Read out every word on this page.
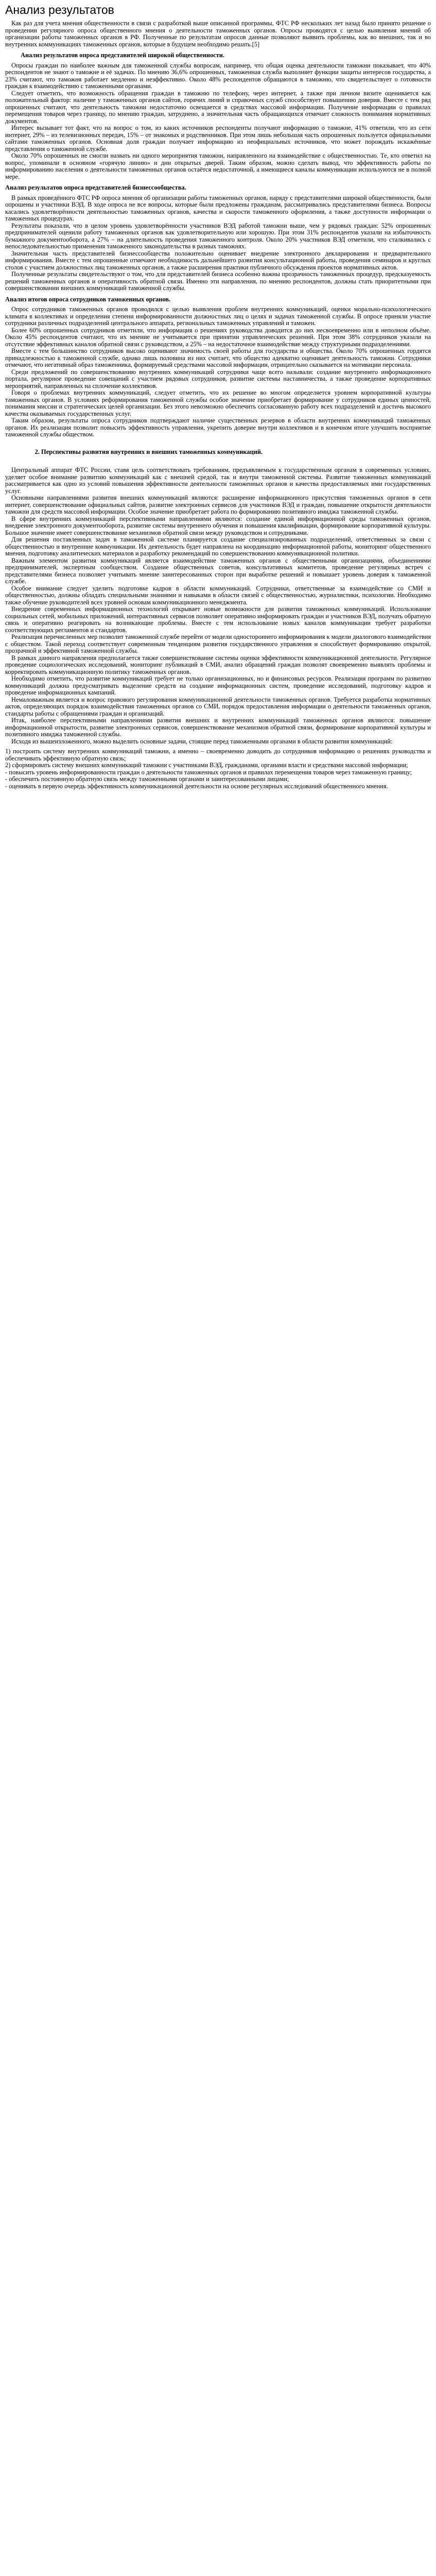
Анализ результатов

Как раз для учета мнения общественности в связи с разработкой выше описанной программы, ФТС РФ нескольких лет назад было принято решение о проведении регулярного опроса общественного мнения о деятельности таможенных органов. Опросы проводятся с целью выявления мнений об организации работы таможенных органов в РФ. Полученные по результатам опросов данные позволяют выявить проблемы, как во внешних, так и во внутренних коммуникациях таможенных органов, которые в будущем необходимо решать.[5]

Анализ результатов опроса представителей широкой общественности.

Опросы граждан по наиболее важным для таможенной службы вопросам, например, что общая оценка деятельности таможни показывает, что 40% респондентов не знают о таможне и её задачах. По мнению 36,6% опрошенных, таможенная служба выполняет функции защиты интересов государства, а 23% считают, что таможня работает медленно и неэффективно. Около 48% респондентов обращаются в таможню, что свидетельствует о готовности граждан к взаимодействию с таможенными органами.

Следует отметить, что возможность обращения граждан в таможню по телефону, через интернет, а также при личном визите оценивается как положительный фактор: наличие у таможенных органов сайтов, горячих линий и справочных служб способствует повышению доверия. Вместе с тем ряд опрошенных считают, что деятельность таможни недостаточно освещается в средствах массовой информации. Получение информации о правилах перемещения товаров через границу, по мнению граждан, затруднено, а значительная часть обращающихся отмечает сложность понимания нормативных документов.

Интерес вызывает тот факт, что на вопрос о том, из каких источников респонденты получают информацию о таможне, 41% ответили, что из сети интернет, 29% – из телевизионных передач, 15% – от знакомых и родственников. При этом лишь небольшая часть опрошенных пользуется официальными сайтами таможенных органов. Основная доля граждан получает информацию из неофициальных источников, что может порождать искажённые представления о таможенной службе.

Около 70% опрошенных не смогли назвать ни одного мероприятия таможни, направленного на взаимодействие с общественностью. Те, кто ответил на вопрос, упоминали в основном «горячую линию» и дни открытых дверей. Таким образом, можно сделать вывод, что эффективность работы по информированию населения о деятельности таможенных органов остаётся недостаточной, а имеющиеся каналы коммуникации используются не в полной мере.

Анализ результатов опроса представителей бизнессообщества.

В рамках проведённого ФТС РФ опроса мнения об организации работы таможенных органов, наряду с представителями широкой общественности, были опрошены и участники ВЭД. В ходе опроса не все вопросы, которые были предложены гражданам, рассматривались представителями бизнеса. Вопросы касались удовлетворённости деятельностью таможенных органов, качества и скорости таможенного оформления, а также доступности информации о таможенных процедурах.

Результаты показали, что в целом уровень удовлетворённости участников ВЭД работой таможни выше, чем у рядовых граждан: 52% опрошенных предпринимателей оценили работу таможенных органов как удовлетворительную или хорошую. При этом 31% респондентов указали на избыточность бумажного документооборота, а 27% – на длительность проведения таможенного контроля. Около 20% участников ВЭД отметили, что сталкивались с непоследовательностью применения таможенного законодательства в разных таможнях.

Значительная часть представителей бизнессообщества положительно оценивает внедрение электронного декларирования и предварительного информирования. Вместе с тем опрошенные отмечают необходимость дальнейшего развития консультационной работы, проведения семинаров и круглых столов с участием должностных лиц таможенных органов, а также расширения практики публичного обсуждения проектов нормативных актов.

Полученные результаты свидетельствуют о том, что для представителей бизнеса особенно важны прозрачность таможенных процедур, предсказуемость решений таможенных органов и оперативность обратной связи. Именно эти направления, по мнению респондентов, должны стать приоритетными при совершенствовании внешних коммуникаций таможенной службы.

Анализ итогов опроса сотрудников таможенных органов.

Опрос сотрудников таможенных органов проводился с целью выявления проблем внутренних коммуникаций, оценки морально-психологического климата в коллективах и определения степени информированности должностных лиц о целях и задачах таможенной службы. В опросе приняли участие сотрудники различных подразделений центрального аппарата, региональных таможенных управлений и таможен.

Более 60% опрошенных сотрудников отметили, что информация о решениях руководства доводится до них несвоевременно или в неполном объёме. Около 45% респондентов считают, что их мнение не учитывается при принятии управленческих решений. При этом 38% сотрудников указали на отсутствие эффективных каналов обратной связи с руководством, а 25% – на недостаточное взаимодействие между структурными подразделениями.

Вместе с тем большинство сотрудников высоко оценивают значимость своей работы для государства и общества. Около 70% опрошенных гордятся принадлежностью к таможенной службе, однако лишь половина из них считает, что общество адекватно оценивает деятельность таможни. Сотрудники отмечают, что негативный образ таможенника, формируемый средствами массовой информации, отрицательно сказывается на мотивации персонала.

Среди предложений по совершенствованию внутренних коммуникаций сотрудники чаще всего называли: создание внутреннего информационного портала, регулярное проведение совещаний с участием рядовых сотрудников, развитие системы наставничества, а также проведение корпоративных мероприятий, направленных на сплочение коллективов.

Говоря о проблемах внутренних коммуникаций, следует отметить, что их решение во многом определяется уровнем корпоративной культуры таможенных органов. В условиях реформирования таможенной службы особое значение приобретает формирование у сотрудников единых ценностей, понимания миссии и стратегических целей организации. Без этого невозможно обеспечить согласованную работу всех подразделений и достичь высокого качества оказываемых государственных услуг.

Таким образом, результаты опроса сотрудников подтверждают наличие существенных резервов в области внутренних коммуникаций таможенных органов. Их реализация позволит повысить эффективность управления, укрепить доверие внутри коллективов и в конечном итоге улучшить восприятие таможенной службы обществом.

2. Перспективы развития внутренних и внешних таможенных коммуникаций.

Центральный аппарат ФТС России, ставя цель соответствовать требованиям, предъявляемым к государственным органам в современных условиях, уделяет особое внимание развитию коммуникаций как с внешней средой, так и внутри таможенной системы. Развитие таможенных коммуникаций рассматривается как одно из условий повышения эффективности деятельности таможенных органов и качества предоставляемых ими государственных услуг.

Основными направлениями развития внешних коммуникаций являются: расширение информационного присутствия таможенных органов в сети интернет, совершенствование официальных сайтов, развитие электронных сервисов для участников ВЭД и граждан, повышение открытости деятельности таможни для средств массовой информации. Особое значение приобретает работа по формированию позитивного имиджа таможенной службы.

В сфере внутренних коммуникаций перспективными направлениями являются: создание единой информационной среды таможенных органов, внедрение электронного документооборота, развитие системы внутреннего обучения и повышения квалификации, формирование корпоративной культуры. Большое значение имеет совершенствование механизмов обратной связи между руководством и сотрудниками.

Для решения поставленных задач в таможенной системе планируется создание специализированных подразделений, ответственных за связи с общественностью и внутренние коммуникации. Их деятельность будет направлена на координацию информационной работы, мониторинг общественного мнения, подготовку аналитических материалов и разработку рекомендаций по совершенствованию коммуникационной политики.

Важным элементом развития коммуникаций является взаимодействие таможенных органов с общественными организациями, объединениями предпринимателей, экспертным сообществом. Создание общественных советов, консультативных комитетов, проведение регулярных встреч с представителями бизнеса позволяет учитывать мнение заинтересованных сторон при выработке решений и повышает уровень доверия к таможенной службе.

Особое внимание следует уделить подготовке кадров в области коммуникаций. Сотрудники, ответственные за взаимодействие со СМИ и общественностью, должны обладать специальными знаниями и навыками в области связей с общественностью, журналистики, психологии. Необходимо также обучение руководителей всех уровней основам коммуникационного менеджмента.

Внедрение современных информационных технологий открывает новые возможности для развития таможенных коммуникаций. Использование социальных сетей, мобильных приложений, интерактивных сервисов позволяет оперативно информировать граждан и участников ВЭД, получать обратную связь и оперативно реагировать на возникающие проблемы. Вместе с тем использование новых каналов коммуникации требует разработки соответствующих регламентов и стандартов.

Реализация перечисленных мер позволит таможенной службе перейти от модели одностороннего информирования к модели диалогового взаимодействия с обществом. Такой переход соответствует современным тенденциям развития государственного управления и способствует формированию открытой, прозрачной и эффективной таможенной службы.

В рамках данного направления предполагается также совершенствование системы оценки эффективности коммуникационной деятельности. Регулярное проведение социологических исследований, мониторинг публикаций в СМИ, анализ обращений граждан позволят своевременно выявлять проблемы и корректировать коммуникационную политику таможенных органов.

Необходимо отметить, что развитие коммуникаций требует не только организационных, но и финансовых ресурсов. Реализация программ по развитию коммуникаций должна предусматривать выделение средств на создание информационных систем, проведение исследований, подготовку кадров и проведение информационных кампаний.

Немаловажным является и вопрос правового регулирования коммуникационной деятельности таможенных органов. Требуется разработка нормативных актов, определяющих порядок взаимодействия таможенных органов со СМИ, порядок предоставления информации о деятельности таможенных органов, стандарты работы с обращениями граждан и организаций.

Итак, наиболее перспективными направлениями развития внешних и внутренних коммуникаций таможенных органов являются: повышение информационной открытости, развитие электронных сервисов, совершенствование механизмов обратной связи, формирование корпоративной культуры и позитивного имиджа таможенной службы.

Исходя из вышеизложенного, можно выделить основные задачи, стоящие перед таможенными органами в области развития коммуникаций:

1) построить систему внутренних коммуникаций таможни, а именно – своевременно доводить до сотрудников информацию о решениях руководства и обеспечивать эффективную обратную связь;
2) сформировать систему внешних коммуникаций таможни с участниками ВЭД, гражданами, органами власти и средствами массовой информации;
- повысить уровень информированности граждан о деятельности таможенных органов и правилах перемещения товаров через таможенную границу;
- обеспечить постоянную обратную связь между таможенными органами и заинтересованными лицами;
- оценивать в первую очередь эффективность коммуникационной деятельности на основе регулярных исследований общественного мнения.
